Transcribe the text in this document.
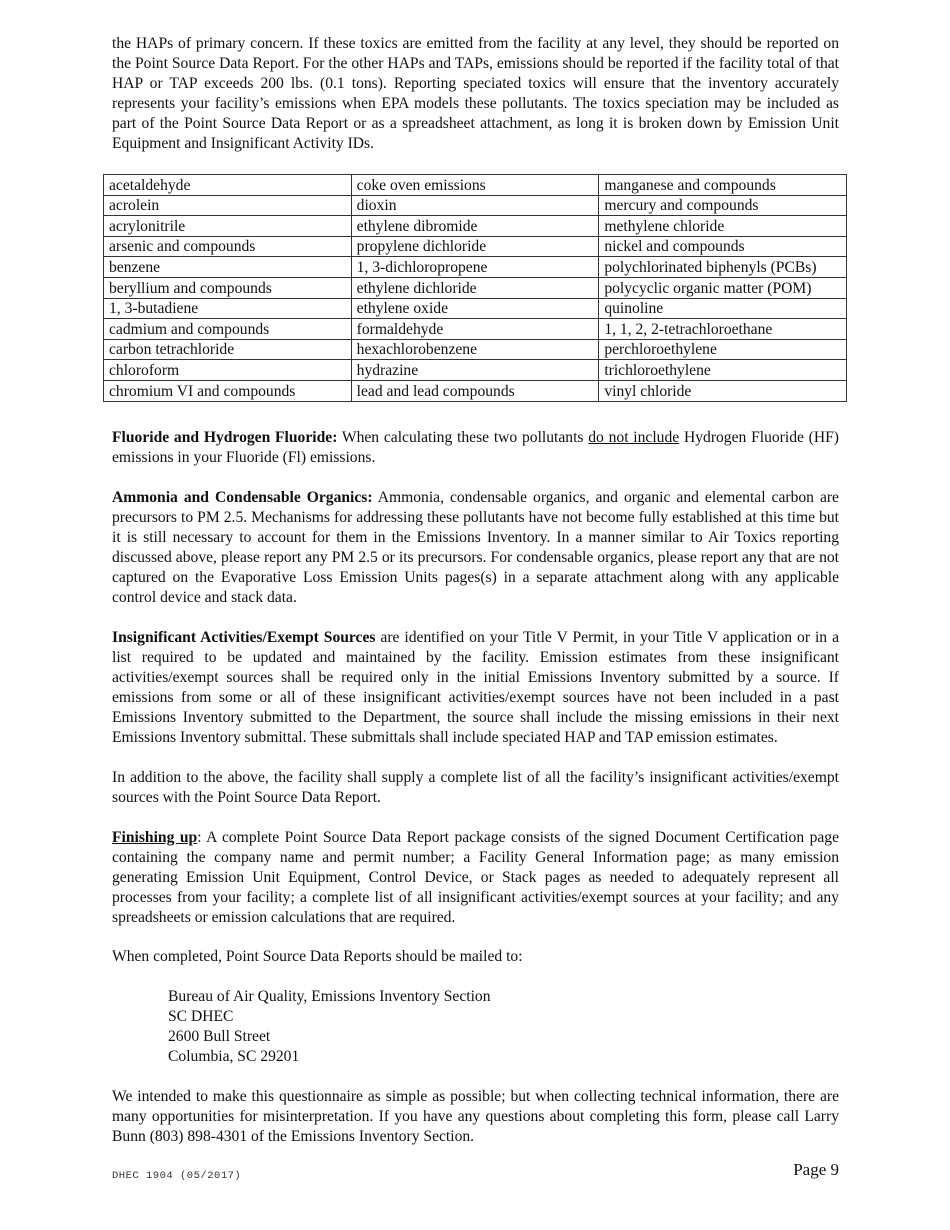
the HAPs of primary concern. If these toxics are emitted from the facility at any level, they should be reported on the Point Source Data Report. For the other HAPs and TAPs, emissions should be reported if the facility total of that HAP or TAP exceeds 200 lbs. (0.1 tons). Reporting speciated toxics will ensure that the inventory accurately represents your facility’s emissions when EPA models these pollutants. The toxics speciation may be included as part of the Point Source Data Report or as a spreadsheet attachment, as long it is broken down by Emission Unit Equipment and Insignificant Activity IDs.

acetaldehyde	coke oven emissions	manganese and compounds
acrolein	dioxin	mercury and compounds
acrylonitrile	ethylene dibromide	methylene chloride
arsenic and compounds	propylene dichloride	nickel and compounds
benzene	1, 3-dichloropropene	polychlorinated biphenyls (PCBs)
beryllium and compounds	ethylene dichloride	polycyclic organic matter (POM)
1, 3-butadiene	ethylene oxide	quinoline
cadmium and compounds	formaldehyde	1, 1, 2, 2-tetrachloroethane
carbon tetrachloride	hexachlorobenzene	perchloroethylene
chloroform	hydrazine	trichloroethylene
chromium VI and compounds	lead and lead compounds	vinyl chloride

Fluoride and Hydrogen Fluoride: When calculating these two pollutants do not include Hydrogen Fluoride (HF) emissions in your Fluoride (Fl) emissions.

Ammonia and Condensable Organics: Ammonia, condensable organics, and organic and elemental carbon are precursors to PM 2.5. Mechanisms for addressing these pollutants have not become fully established at this time but it is still necessary to account for them in the Emissions Inventory. In a manner similar to Air Toxics reporting discussed above, please report any PM 2.5 or its precursors. For condensable organics, please report any that are not captured on the Evaporative Loss Emission Units pages(s) in a separate attachment along with any applicable control device and stack data.

Insignificant Activities/Exempt Sources are identified on your Title V Permit, in your Title V application or in a list required to be updated and maintained by the facility. Emission estimates from these insignificant activities/exempt sources shall be required only in the initial Emissions Inventory submitted by a source. If emissions from some or all of these insignificant activities/exempt sources have not been included in a past Emissions Inventory submitted to the Department, the source shall include the missing emissions in their next Emissions Inventory submittal. These submittals shall include speciated HAP and TAP emission estimates.

In addition to the above, the facility shall supply a complete list of all the facility’s insignificant activities/exempt sources with the Point Source Data Report.

Finishing up: A complete Point Source Data Report package consists of the signed Document Certification page containing the company name and permit number; a Facility General Information page; as many emission generating Emission Unit Equipment, Control Device, or Stack pages as needed to adequately represent all processes from your facility; a complete list of all insignificant activities/exempt sources at your facility; and any spreadsheets or emission calculations that are required.

When completed, Point Source Data Reports should be mailed to:

Bureau of Air Quality, Emissions Inventory Section
SC DHEC
2600 Bull Street
Columbia, SC 29201

We intended to make this questionnaire as simple as possible; but when collecting technical information, there are many opportunities for misinterpretation. If you have any questions about completing this form, please call Larry Bunn (803) 898-4301 of the Emissions Inventory Section.

DHEC 1904 (05/2017)	Page 9
